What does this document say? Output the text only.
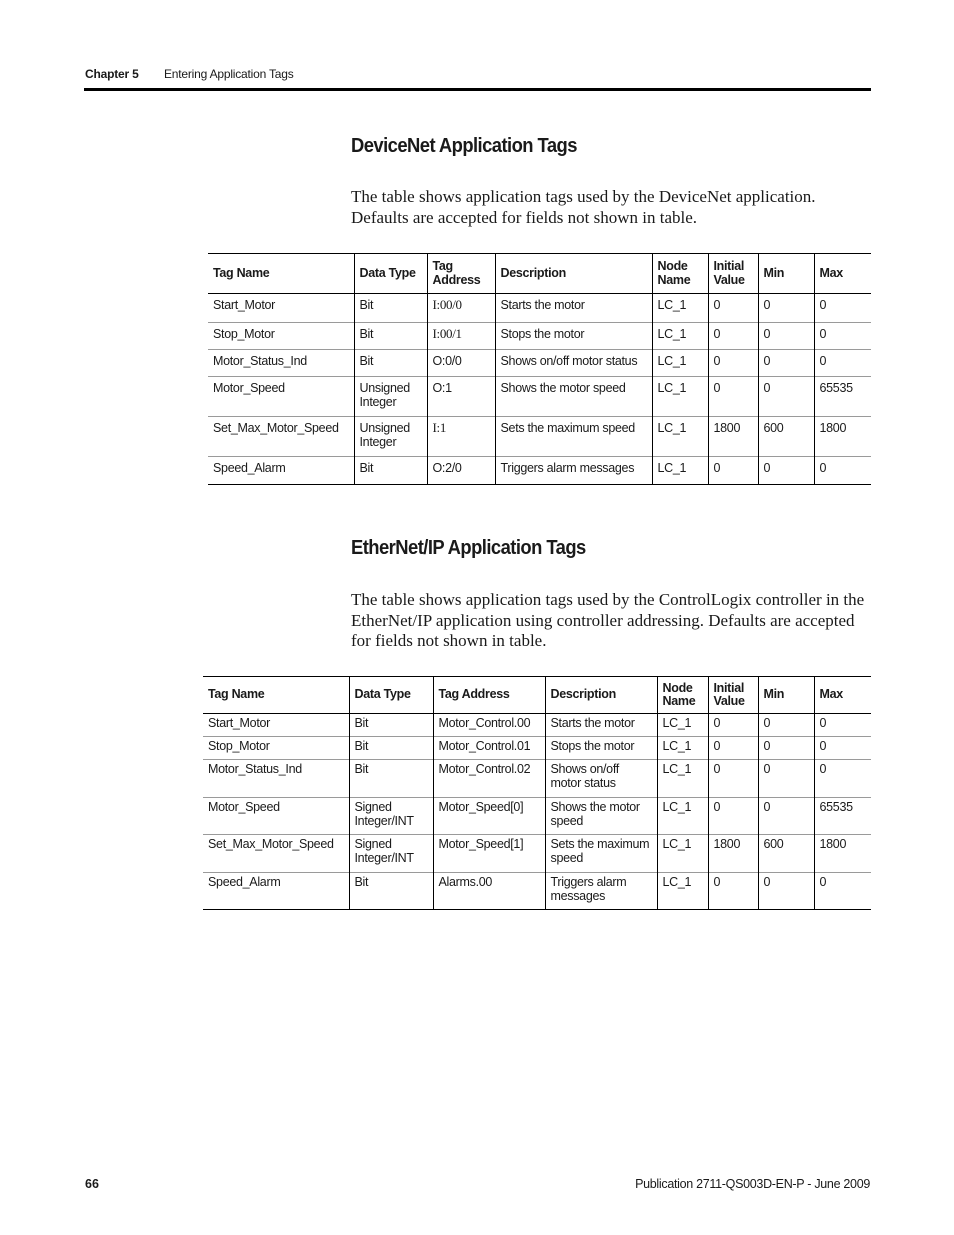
Chapter 5 Entering Application Tags
DeviceNet Application Tags
The table shows application tags used by the DeviceNet application. Defaults are accepted for fields not shown in table.
Tag Name	Data Type	Tag Address	Description	Node Name	Initial Value	Min	Max
Start_Motor	Bit	I:00/0	Starts the motor	LC_1	0	0	0
Stop_Motor	Bit	I:00/1	Stops the motor	LC_1	0	0	0
Motor_Status_Ind	Bit	O:0/0	Shows on/off motor status	LC_1	0	0	0
Motor_Speed	Unsigned Integer	O:1	Shows the motor speed	LC_1	0	0	65535
Set_Max_Motor_Speed	Unsigned Integer	I:1	Sets the maximum speed	LC_1	1800	600	1800
Speed_Alarm	Bit	O:2/0	Triggers alarm messages	LC_1	0	0	0
EtherNet/IP Application Tags
The table shows application tags used by the ControlLogix controller in the EtherNet/IP application using controller addressing. Defaults are accepted for fields not shown in table.
Tag Name	Data Type	Tag Address	Description	Node Name	Initial Value	Min	Max
Start_Motor	Bit	Motor_Control.00	Starts the motor	LC_1	0	0	0
Stop_Motor	Bit	Motor_Control.01	Stops the motor	LC_1	0	0	0
Motor_Status_Ind	Bit	Motor_Control.02	Shows on/off motor status	LC_1	0	0	0
Motor_Speed	Signed Integer/INT	Motor_Speed[0]	Shows the motor speed	LC_1	0	0	65535
Set_Max_Motor_Speed	Signed Integer/INT	Motor_Speed[1]	Sets the maximum speed	LC_1	1800	600	1800
Speed_Alarm	Bit	Alarms.00	Triggers alarm messages	LC_1	0	0	0
66	Publication 2711-QS003D-EN-P - June 2009
